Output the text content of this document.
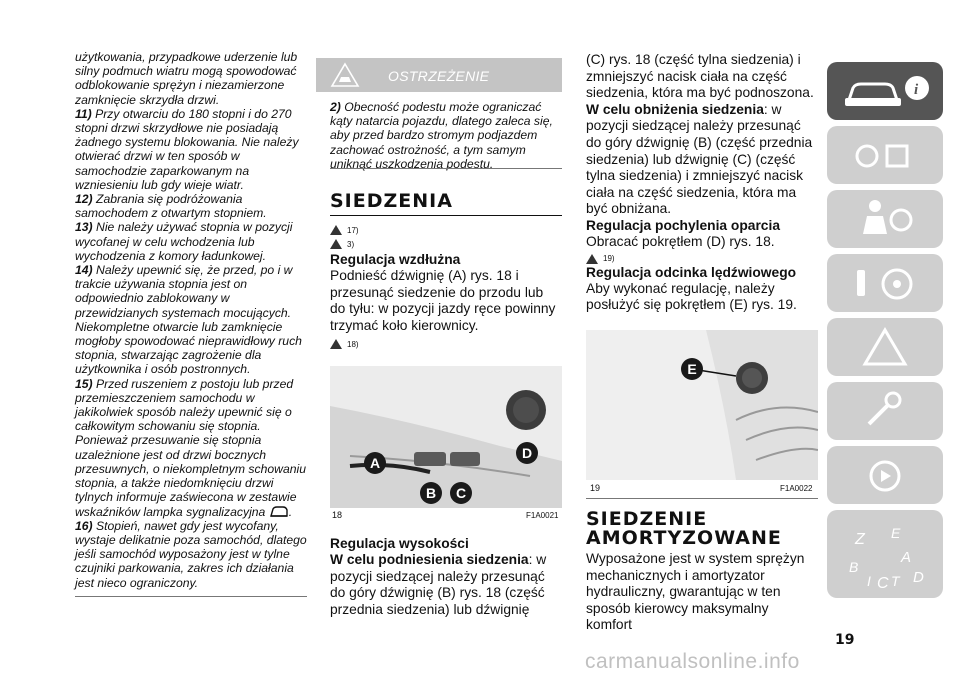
użytkowania, przypadkowe uderzenie lub silny podmuch wiatru mogą spowodować odblokowanie sprężyn i niezamierzone zamknięcie skrzydła drzwi.

11) Przy otwarciu do 180 stopni i do 270 stopni drzwi skrzydłowe nie posiadają żadnego systemu blokowania. Nie należy otwierać drzwi w ten sposób w samochodzie zaparkowanym na wzniesieniu lub gdy wieje wiatr.

12) Zabrania się podróżowania samochodem z otwartym stopniem.

13) Nie należy używać stopnia w pozycji wycofanej w celu wchodzenia lub wychodzenia z komory ładunkowej.

14) Należy upewnić się, że przed, po i w trakcie używania stopnia jest on odpowiednio zablokowany w przewidzianych systemach mocujących. Niekompletne otwarcie lub zamknięcie mogłoby spowodować nieprawidłowy ruch stopnia, stwarzając zagrożenie dla użytkownika i osób postronnych.

15) Przed ruszeniem z postoju lub przed przemieszczeniem samochodu w jakikolwiek sposób należy upewnić się o całkowitym schowaniu się stopnia. Ponieważ przesuwanie się stopnia uzależnione jest od drzwi bocznych przesuwnych, o niekompletnym schowaniu stopnia, a także niedomknięciu drzwi tylnych informuje zaświecona w zestawie wskaźników lampka sygnalizacyjna .

16) Stopień, nawet gdy jest wycofany, wystaje delikatnie poza samochód, dlatego jeśli samochód wyposażony jest w tylne czujniki parkowania, zakres ich działania jest nieco ograniczony.

OSTRZEŻENIE
2) Obecność podestu może ograniczać kąty natarcia pojazdu, dlatego zaleca się, aby przed bardzo stromym podjazdem zachować ostrożność, a tym samym uniknąć uszkodzenia podestu.
SIEDZENIA
17)
3)
Regulacja wzdłużna
Podnieść dźwignię (A) rys. 18 i przesunąć siedzenie do przodu lub do tyłu: w pozycji jazdy ręce powinny trzymać koło kierownicy.
18)
A
B	C
D
18	F1A0021
Regulacja wysokości
W celu podniesienia siedzenia: w pozycji siedzącej należy przesunąć do góry dźwignię (B) rys. 18 (część przednia siedzenia) lub dźwignię
(C) rys. 18 (część tylna siedzenia) i zmniejszyć nacisk ciała na część siedzenia, która ma być podnoszona.
W celu obniżenia siedzenia: w pozycji siedzącej należy przesunąć do góry dźwignię (B) (część przednia siedzenia) lub dźwignię (C) (część tylna siedzenia) i zmniejszyć nacisk ciała na część siedzenia, która ma być obniżana.
Regulacja pochylenia oparcia
Obracać pokrętłem (D) rys. 18.
19)
Regulacja odcinka lędźwiowego
Aby wykonać regulację, należy posłużyć się pokrętłem (E) rys. 19.
E
19	F1A0022
SIEDZENIE
AMORTYZOWANE
Wyposażone jest w system sprężyn mechanicznych i amortyzator hydrauliczny, gwarantując w ten sposób kierowcy maksymalny komfort
i
Z E
A
B
I C T D
19
carmanualsonline.info
